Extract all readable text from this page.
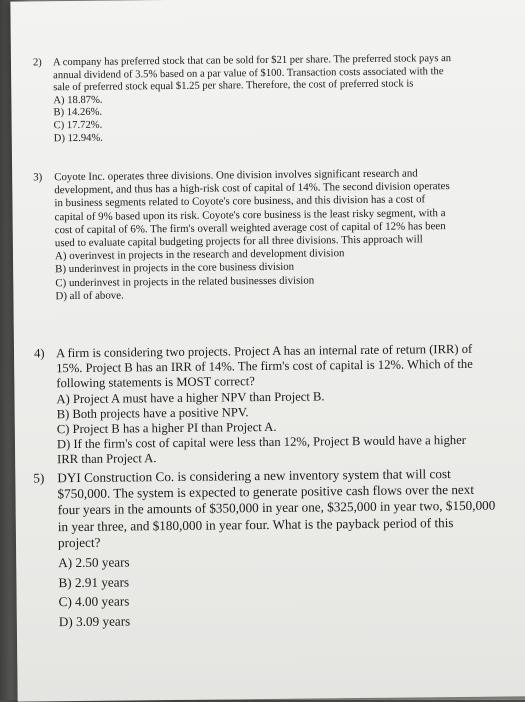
2) A company has preferred stock that can be sold for $21 per share. The preferred stock pays an annual dividend of 3.5% based on a par value of $100. Transaction costs associated with the sale of preferred stock equal $1.25 per share. Therefore, the cost of preferred stock is
A) 18.87%.
B) 14.26%.
C) 17.72%.
D) 12.94%.
3) Coyote Inc. operates three divisions. One division involves significant research and development, and thus has a high-risk cost of capital of 14%. The second division operates in business segments related to Coyote's core business, and this division has a cost of capital of 9% based upon its risk. Coyote's core business is the least risky segment, with a cost of capital of 6%. The firm's overall weighted average cost of capital of 12% has been used to evaluate capital budgeting projects for all three divisions. This approach will
A) overinvest in projects in the research and development division
B) underinvest in projects in the core business division
C) underinvest in projects in the related businesses division
D) all of above.
4) A firm is considering two projects. Project A has an internal rate of return (IRR) of 15%. Project B has an IRR of 14%. The firm's cost of capital is 12%. Which of the following statements is MOST correct?
A) Project A must have a higher NPV than Project B.
B) Both projects have a positive NPV.
C) Project B has a higher PI than Project A.
D) If the firm's cost of capital were less than 12%, Project B would have a higher IRR than Project A.
5) DYI Construction Co. is considering a new inventory system that will cost $750,000. The system is expected to generate positive cash flows over the next four years in the amounts of $350,000 in year one, $325,000 in year two, $150,000 in year three, and $180,000 in year four. What is the payback period of this project?
A) 2.50 years
B) 2.91 years
C) 4.00 years
D) 3.09 years
